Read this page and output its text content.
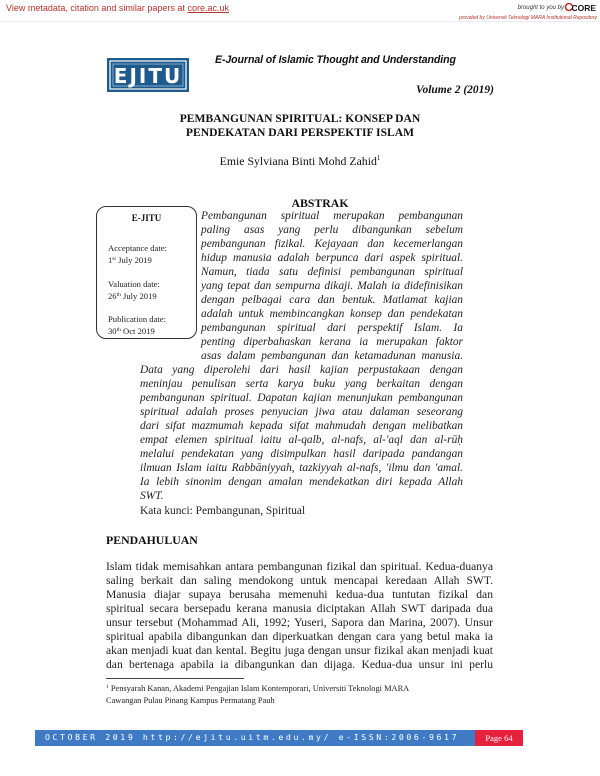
View metadata, citation and similar papers at core.ac.uk	brought to you by CORE
provided by Universiti Teknologi MARA Institutional Repository
EJITU
E-Journal of Islamic Thought and Understanding
Volume 2 (2019)
PEMBANGUNAN SPIRITUAL: KONSEP DAN
PENDEKATAN DARI PERSPEKTIF ISLAM
Emie Sylviana Binti Mohd Zahid$^1$
ABSTRAK
E-JITU
Acceptance date:
1st July 2019
Valuation date:
26th July 2019
Publication date:
30th Oct 2019
Pembangunan spiritual merupakan pembangunan
paling asas yang perlu dibangunkan sebelum
pembangunan fizikal. Kejayaan dan kecemerlangan
hidup manusia adalah berpunca dari aspek spiritual.
Namun, tiada satu definisi pembangunan spiritual
yang tepat dan sempurna dikaji. Malah ia didefinisikan
dengan pelbagai cara dan bentuk. Matlamat kajian
adalah untuk membincangkan konsep dan pendekatan
pembangunan spiritual dari perspektif Islam. Ia
penting diperbahaskan kerana ia merupakan faktor
asas dalam pembangunan dan ketamadunan manusia.
Data yang diperolehi dari hasil kajian perpustakaan dengan
meninjau penulisan serta karya buku yang berkaitan dengan
pembangunan spiritual. Dapatan kajian menunjukan pembangunan
spiritual adalah proses penyucian jiwa atau dalaman seseorang
dari sifat mazmumah kepada sifat mahmudah dengan melibatkan
empat elemen spiritual iaitu al-qalb, al-nafs, al-'aql dan al-rūḥ
melalui pendekatan yang disimpulkan hasil daripada pandangan
ilmuan Islam iaitu Rabbāniyyah, tazkiyyah al-nafs, 'ilmu dan 'amal.
Ia lebih sinonim dengan amalan mendekatkan diri kepada Allah
SWT.
Kata kunci: Pembangunan, Spiritual
PENDAHULUAN
Islam tidak memisahkan antara pembangunan fizikal dan spiritual. Kedua-duanya
saling berkait dan saling mendokong untuk mencapai keredaan Allah SWT.
Manusia diajar supaya berusaha memenuhi kedua-dua tuntutan fizikal dan
spiritual secara bersepadu kerana manusia diciptakan Allah SWT daripada dua
unsur tersebut (Mohammad Ali, 1992; Yuseri, Sapora dan Marina, 2007). Unsur
spiritual apabila dibangunkan dan diperkuatkan dengan cara yang betul maka ia
akan menjadi kuat dan kental. Begitu juga dengan unsur fizikal akan menjadi kuat
dan bertenaga apabila ia dibangunkan dan dijaga. Kedua-dua unsur ini perlu
$^1$ Pensyarah Kanan, Akademi Pengajian Islam Kontemporari, Universiti Teknologi MARA
Cawangan Pulau Pinang Kampus Permatang Pauh
OCTOBER 2019 http://ejitu.uitm.edu.my/ e-ISSN:2006-9617	Page 64
